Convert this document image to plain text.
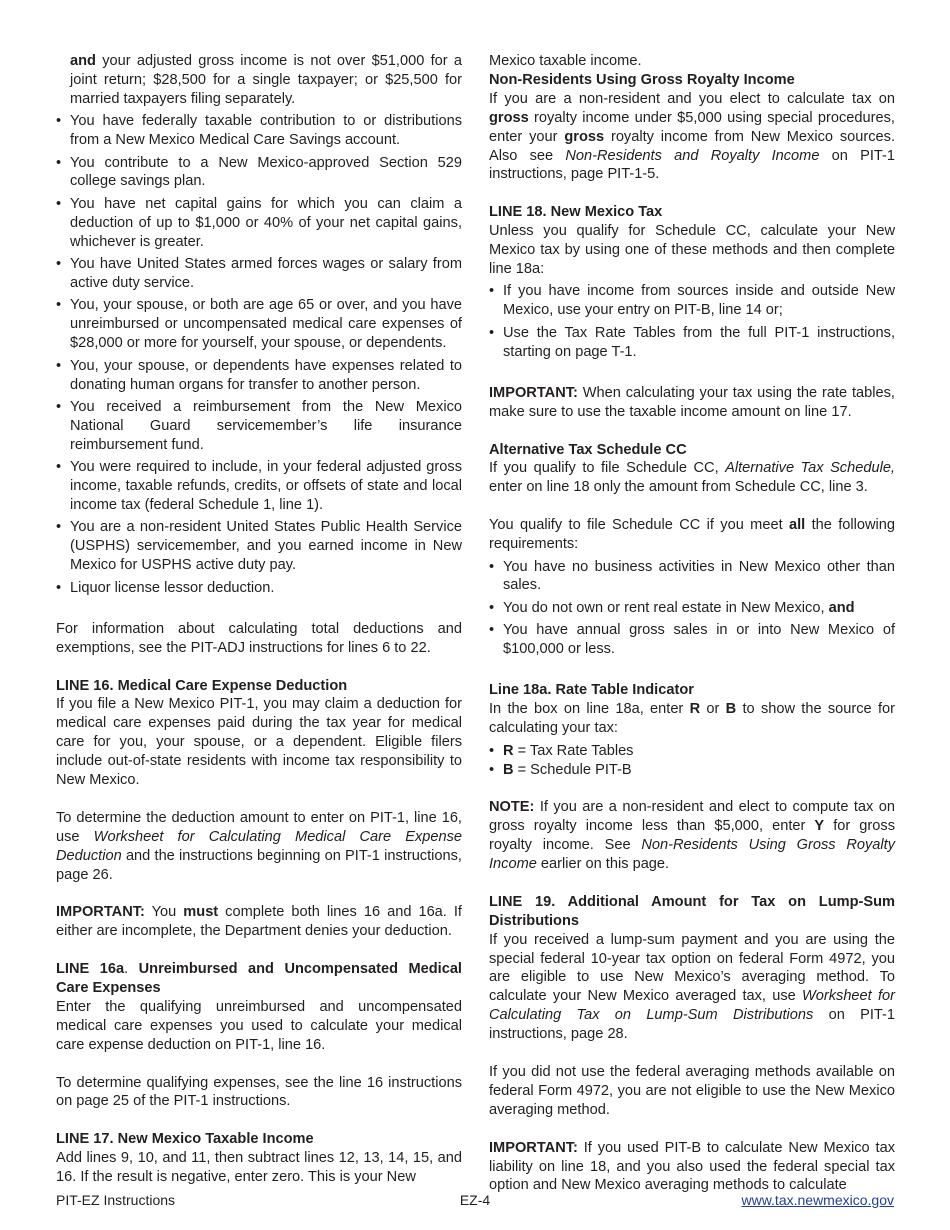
and your adjusted gross income is not over $51,000 for a joint return; $28,500 for a single taxpayer; or $25,500 for married taxpayers filing separately.

• You have federally taxable contribution to or distributions from a New Mexico Medical Care Savings account.
• You contribute to a New Mexico-approved Section 529 college savings plan.
• You have net capital gains for which you can claim a deduction of up to $1,000 or 40% of your net capital gains, whichever is greater.
• You have United States armed forces wages or salary from active duty service.
• You, your spouse, or both are age 65 or over, and you have unreimbursed or uncompensated medical care expenses of $28,000 or more for yourself, your spouse, or dependents.
• You, your spouse, or dependents have expenses related to donating human organs for transfer to another person.
• You received a reimbursement from the New Mexico National Guard servicemember’s life insurance reimbursement fund.
• You were required to include, in your federal adjusted gross income, taxable refunds, credits, or offsets of state and local income tax (federal Schedule 1, line 1).
• You are a non-resident United States Public Health Service (USPHS) servicemember, and you earned income in New Mexico for USPHS active duty pay.
• Liquor license lessor deduction.

For information about calculating total deductions and exemptions, see the PIT-ADJ instructions for lines 6 to 22.

LINE 16. Medical Care Expense Deduction

If you file a New Mexico PIT-1, you may claim a deduction for medical care expenses paid during the tax year for medical care for you, your spouse, or a dependent. Eligible filers include out-of-state residents with income tax responsibility to New Mexico.

To determine the deduction amount to enter on PIT-1, line 16, use Worksheet for Calculating Medical Care Expense Deduction and the instructions beginning on PIT-1 instructions, page 26.

IMPORTANT: You must complete both lines 16 and 16a. If either are incomplete, the Department denies your deduction.

LINE 16a. Unreimbursed and Uncompensated Medical Care Expenses

Enter the qualifying unreimbursed and uncompensated medical care expenses you used to calculate your medical care expense deduction on PIT-1, line 16.

To determine qualifying expenses, see the line 16 instructions on page 25 of the PIT-1 instructions.

LINE 17. New Mexico Taxable Income

Add lines 9, 10, and 11, then subtract lines 12, 13, 14, 15, and 16. If the result is negative, enter zero. This is your New

Mexico taxable income.

Non-Residents Using Gross Royalty Income

If you are a non-resident and you elect to calculate tax on gross royalty income under $5,000 using special procedures, enter your gross royalty income from New Mexico sources. Also see Non-Residents and Royalty Income on PIT-1 instructions, page PIT-1-5.

LINE 18. New Mexico Tax

Unless you qualify for Schedule CC, calculate your New Mexico tax by using one of these methods and then complete line 18a:

• If you have income from sources inside and outside New Mexico, use your entry on PIT-B, line 14 or;
• Use the Tax Rate Tables from the full PIT-1 instructions, starting on page T-1.

IMPORTANT: When calculating your tax using the rate tables, make sure to use the taxable income amount on line 17.

Alternative Tax Schedule CC

If you qualify to file Schedule CC, Alternative Tax Schedule, enter on line 18 only the amount from Schedule CC, line 3.

You qualify to file Schedule CC if you meet all the following requirements:

• You have no business activities in New Mexico other than sales.
• You do not own or rent real estate in New Mexico, and
• You have annual gross sales in or into New Mexico of $100,000 or less.
Line 18a. Rate Table Indicator

In the box on line 18a, enter R or B to show the source for calculating your tax:

• R = Tax Rate Tables
• B = Schedule PIT-B

NOTE: If you are a non-resident and elect to compute tax on gross royalty income less than $5,000, enter Y for gross royalty income. See Non-Residents Using Gross Royalty Income earlier on this page.

LINE 19. Additional Amount for Tax on Lump-Sum Distributions

If you received a lump-sum payment and you are using the special federal 10-year tax option on federal Form 4972, you are eligible to use New Mexico’s averaging method. To calculate your New Mexico averaged tax, use Worksheet for Calculating Tax on Lump-Sum Distributions on PIT-1 instructions, page 28.

If you did not use the federal averaging methods available on federal Form 4972, you are not eligible to use the New Mexico averaging method.

IMPORTANT: If you used PIT-B to calculate New Mexico tax liability on line 18, and you also used the federal special tax option and New Mexico averaging methods to calculate

PIT-EZ Instructions	EZ-4	www.tax.newmexico.gov
